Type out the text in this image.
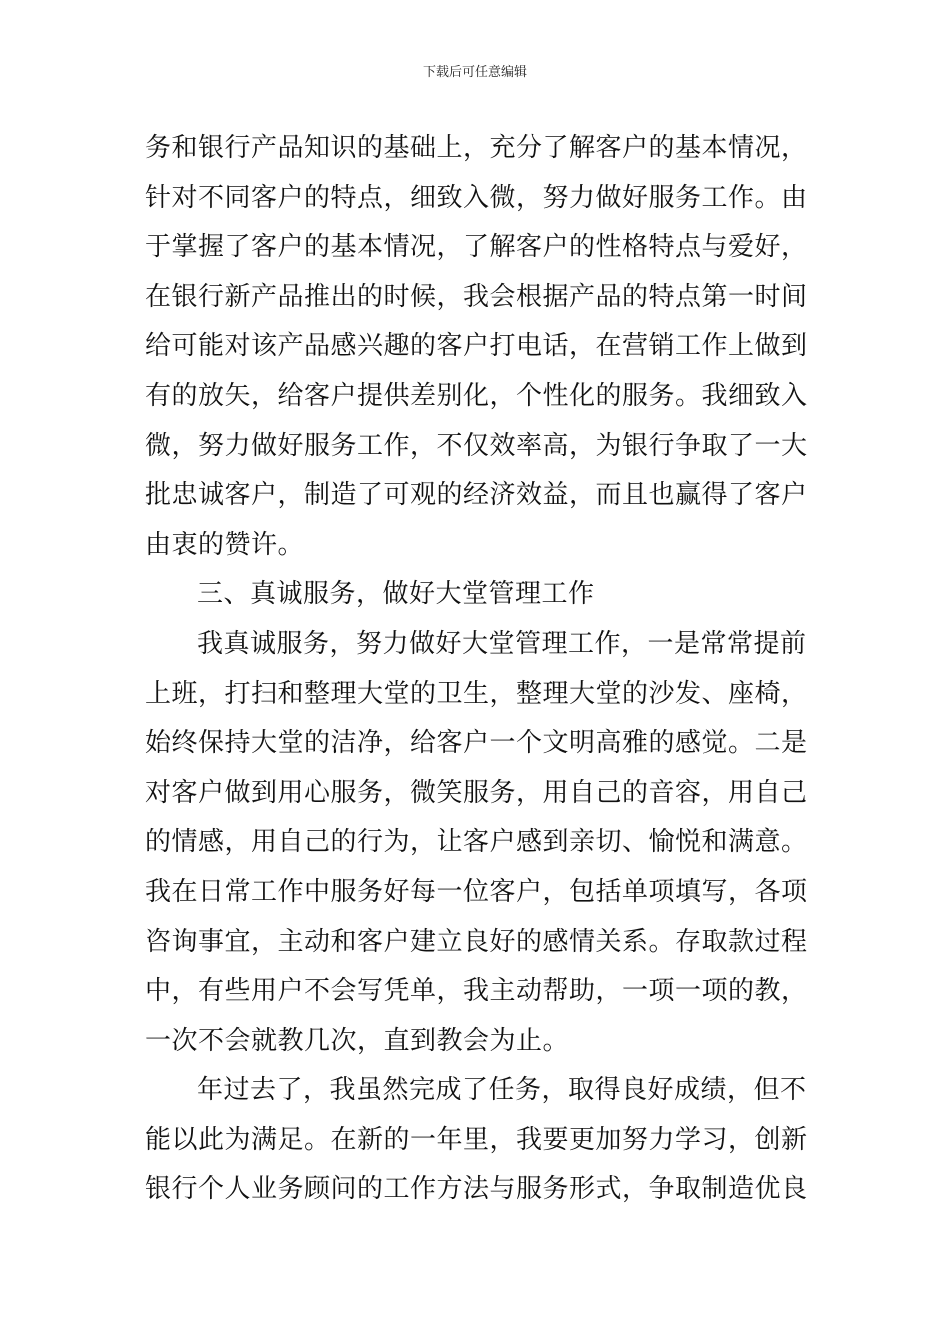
下载后可任意编辑
务和银行产品知识的基础上，充分了解客户的基本情况，
针对不同客户的特点，细致入微，努力做好服务工作。由
于掌握了客户的基本情况，了解客户的性格特点与爱好，
在银行新产品推出的时候，我会根据产品的特点第一时间
给可能对该产品感兴趣的客户打电话，在营销工作上做到
有的放矢，给客户提供差别化，个性化的服务。我细致入
微，努力做好服务工作，不仅效率高，为银行争取了一大
批忠诚客户，制造了可观的经济效益，而且也赢得了客户
由衷的赞许。
三、真诚服务，做好大堂管理工作
我真诚服务，努力做好大堂管理工作，一是常常提前
上班，打扫和整理大堂的卫生，整理大堂的沙发、座椅，
始终保持大堂的洁净，给客户一个文明高雅的感觉。二是
对客户做到用心服务，微笑服务，用自己的音容，用自己
的情感，用自己的行为，让客户感到亲切、愉悦和满意。
我在日常工作中服务好每一位客户，包括单项填写，各项
咨询事宜，主动和客户建立良好的感情关系。存取款过程
中，有些用户不会写凭单，我主动帮助，一项一项的教，
一次不会就教几次，直到教会为止。
年过去了，我虽然完成了任务，取得良好成绩，但不
能以此为满足。在新的一年里，我要更加努力学习，创新
银行个人业务顾问的工作方法与服务形式，争取制造优良
